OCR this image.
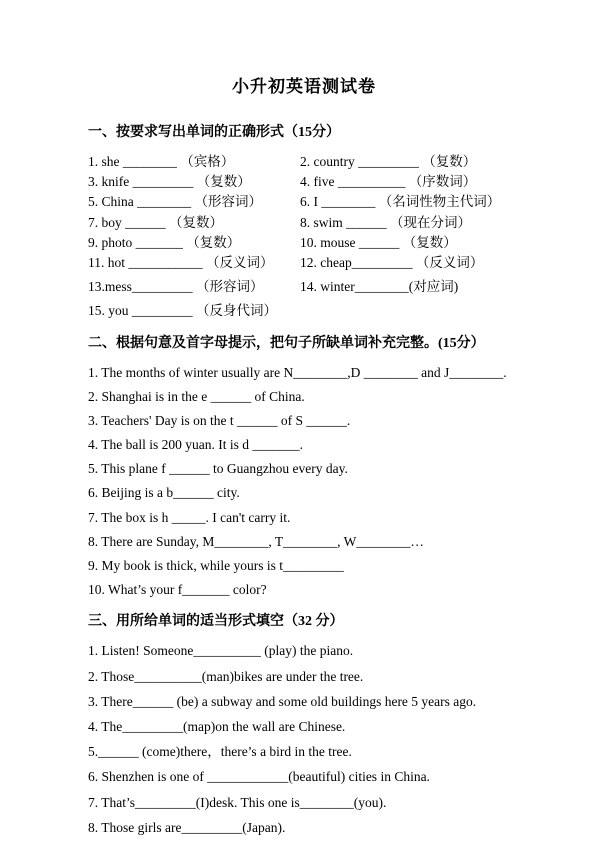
小升初英语测试卷
一、按要求写出单词的正确形式（15分）
1. she ________ （宾格）	2. country _________ （复数）
3. knife _________ （复数）	4. five __________ （序数词）
5. China ________ （形容词）	6. I ________ （名词性物主代词）
7. boy ______ （复数）	8. swim ______ （现在分词）
9. photo _______ （复数）	10. mouse ______ （复数）
11. hot ___________ （反义词）	12. cheap_________ （反义词）
13.mess_________ （形容词）	14. winter________(对应词)
15. you _________ （反身代词）
二、根据句意及首字母提示，把句子所缺单词补充完整。(15分）
1. The months of winter usually are N________,D ________ and J________.
2. Shanghai is in the e ______ of China.
3. Teachers' Day is on the t ______ of S ______.
4. The ball is 200 yuan. It is d _______.
5. This plane f ______ to Guangzhou every day.
6. Beijing is a b______ city.
7. The box is h _____. I can't carry it.
8. There are Sunday, M________, T________, W________…
9. My book is thick, while yours is t_________
10. What’s your f_______ color?
三、用所给单词的适当形式填空（32 分）
1. Listen! Someone__________ (play) the piano.
2. Those__________(man)bikes are under the tree.
3. There______ (be) a subway and some old buildings here 5 years ago.
4. The_________(map)on the wall are Chinese.
5.______ (come)there，there’s a bird in the tree.
6. Shenzhen is one of ____________(beautiful) cities in China.
7. That’s_________(I)desk. This one is________(you).
8. Those girls are_________(Japan).
